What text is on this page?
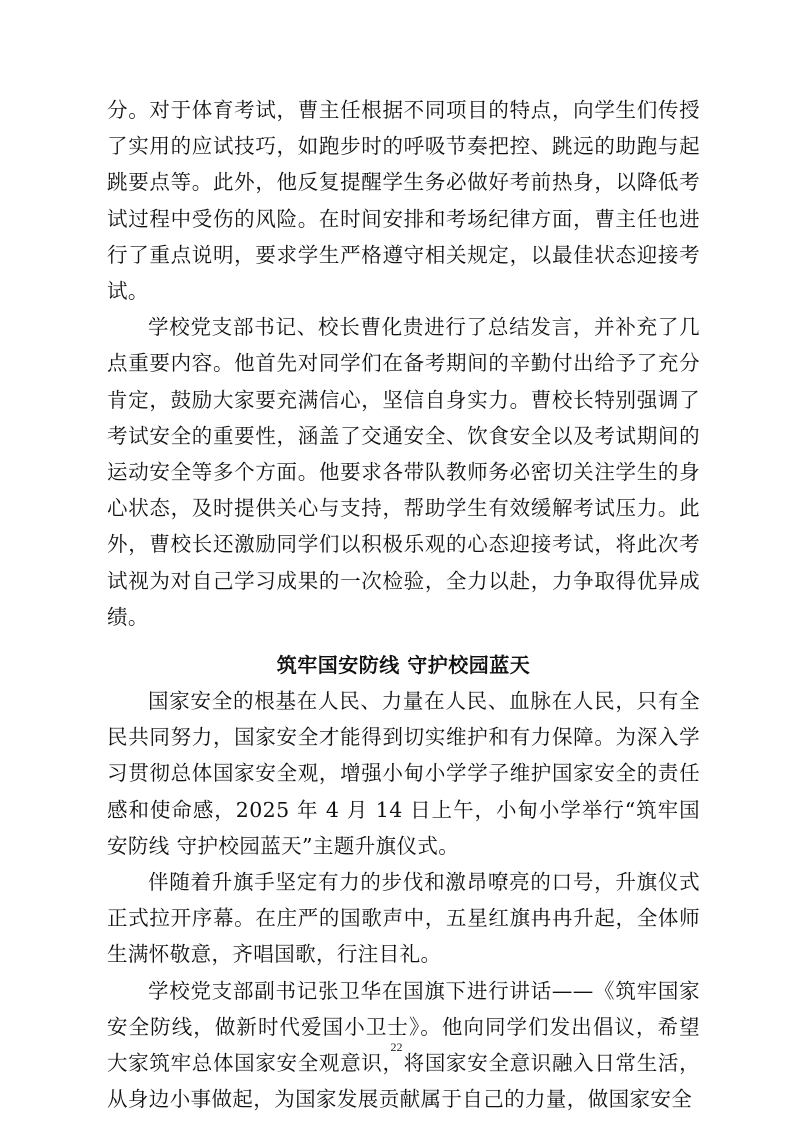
分。对于体育考试，曹主任根据不同项目的特点，向学生们传授了实用的应试技巧，如跑步时的呼吸节奏把控、跳远的助跑与起跳要点等。此外，他反复提醒学生务必做好考前热身，以降低考试过程中受伤的风险。在时间安排和考场纪律方面，曹主任也进行了重点说明，要求学生严格遵守相关规定，以最佳状态迎接考试。

学校党支部书记、校长曹化贵进行了总结发言，并补充了几点重要内容。他首先对同学们在备考期间的辛勤付出给予了充分肯定，鼓励大家要充满信心，坚信自身实力。曹校长特别强调了考试安全的重要性，涵盖了交通安全、饮食安全以及考试期间的运动安全等多个方面。他要求各带队教师务必密切关注学生的身心状态，及时提供关心与支持，帮助学生有效缓解考试压力。此外，曹校长还激励同学们以积极乐观的心态迎接考试，将此次考试视为对自己学习成果的一次检验，全力以赴，力争取得优异成绩。

筑牢国安防线 守护校园蓝天

国家安全的根基在人民、力量在人民、血脉在人民，只有全民共同努力，国家安全才能得到切实维护和有力保障。为深入学习贯彻总体国家安全观，增强小甸小学学子维护国家安全的责任感和使命感，2025 年 4 月 14 日上午，小甸小学举行“筑牢国安防线 守护校园蓝天”主题升旗仪式。

伴随着升旗手坚定有力的步伐和激昂嘹亮的口号，升旗仪式正式拉开序幕。在庄严的国歌声中，五星红旗冉冉升起，全体师生满怀敬意，齐唱国歌，行注目礼。

学校党支部副书记张卫华在国旗下进行讲话——《筑牢国家安全防线，做新时代爱国小卫士》。他向同学们发出倡议，希望大家筑牢总体国家安全观意识，将国家安全意识融入日常生活，从身边小事做起，为国家发展贡献属于自己的力量，做国家安全

22
